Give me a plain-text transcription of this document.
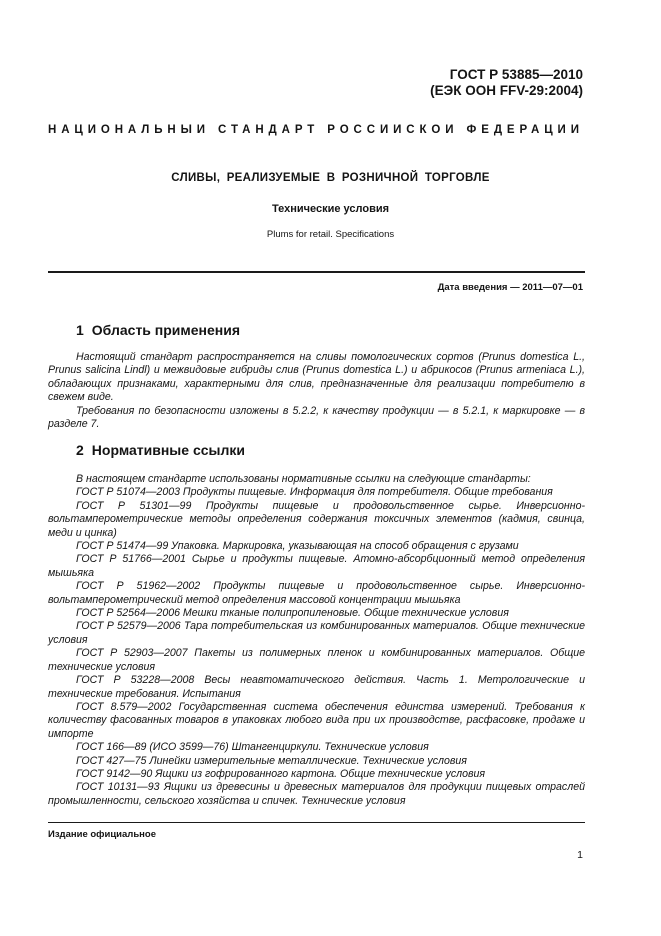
ГОСТ Р 53885—2010
(ЕЭК ООН FFV-29:2004)
НАЦИОНАЛЬНЫЙ СТАНДАРТ РОССИЙСКОЙ ФЕДЕРАЦИИ
СЛИВЫ, РЕАЛИЗУЕМЫЕ В РОЗНИЧНОЙ ТОРГОВЛЕ
Технические условия
Plums for retail. Specifications
Дата введения — 2011—07—01
1 Область применения

Настоящий стандарт распространяется на сливы помологических сортов (Prunus domestica L., Prunus salicina Lindl) и межвидовые гибриды слив (Prunus domestica L.) и абрикосов (Prunus armeniaca L.), обладающих признаками, характерными для слив, предназначенные для реализации потребителю в свежем виде.

Требования по безопасности изложены в 5.2.2, к качеству продукции — в 5.2.1, к маркировке — в разделе 7.

2 Нормативные ссылки

В настоящем стандарте использованы нормативные ссылки на следующие стандарты:

ГОСТ Р 51074—2003 Продукты пищевые. Информация для потребителя. Общие требования

ГОСТ Р 51301—99 Продукты пищевые и продовольственное сырье. Инверсионно-вольтамперометрические методы определения содержания токсичных элементов (кадмия, свинца, меди и цинка)

ГОСТ Р 51474—99 Упаковка. Маркировка, указывающая на способ обращения с грузами

ГОСТ Р 51766—2001 Сырье и продукты пищевые. Атомно-абсорбционный метод определения мышьяка

ГОСТ Р 51962—2002 Продукты пищевые и продовольственное сырье. Инверсионно-вольтамперометрический метод определения массовой концентрации мышьяка

ГОСТ Р 52564—2006 Мешки тканые полипропиленовые. Общие технические условия

ГОСТ Р 52579—2006 Тара потребительская из комбинированных материалов. Общие технические условия

ГОСТ Р 52903—2007 Пакеты из полимерных пленок и комбинированных материалов. Общие технические условия

ГОСТ Р 53228—2008 Весы неавтоматического действия. Часть 1. Метрологические и технические требования. Испытания

ГОСТ 8.579—2002 Государственная система обеспечения единства измерений. Требования к количеству фасованных товаров в упаковках любого вида при их производстве, расфасовке, продаже и импорте

ГОСТ 166—89 (ИСО 3599—76) Штангенциркули. Технические условия

ГОСТ 427—75 Линейки измерительные металлические. Технические условия

ГОСТ 9142—90 Ящики из гофрированного картона. Общие технические условия

ГОСТ 10131—93 Ящики из древесины и древесных материалов для продукции пищевых отраслей промышленности, сельского хозяйства и спичек. Технические условия

Издание официальное
1
